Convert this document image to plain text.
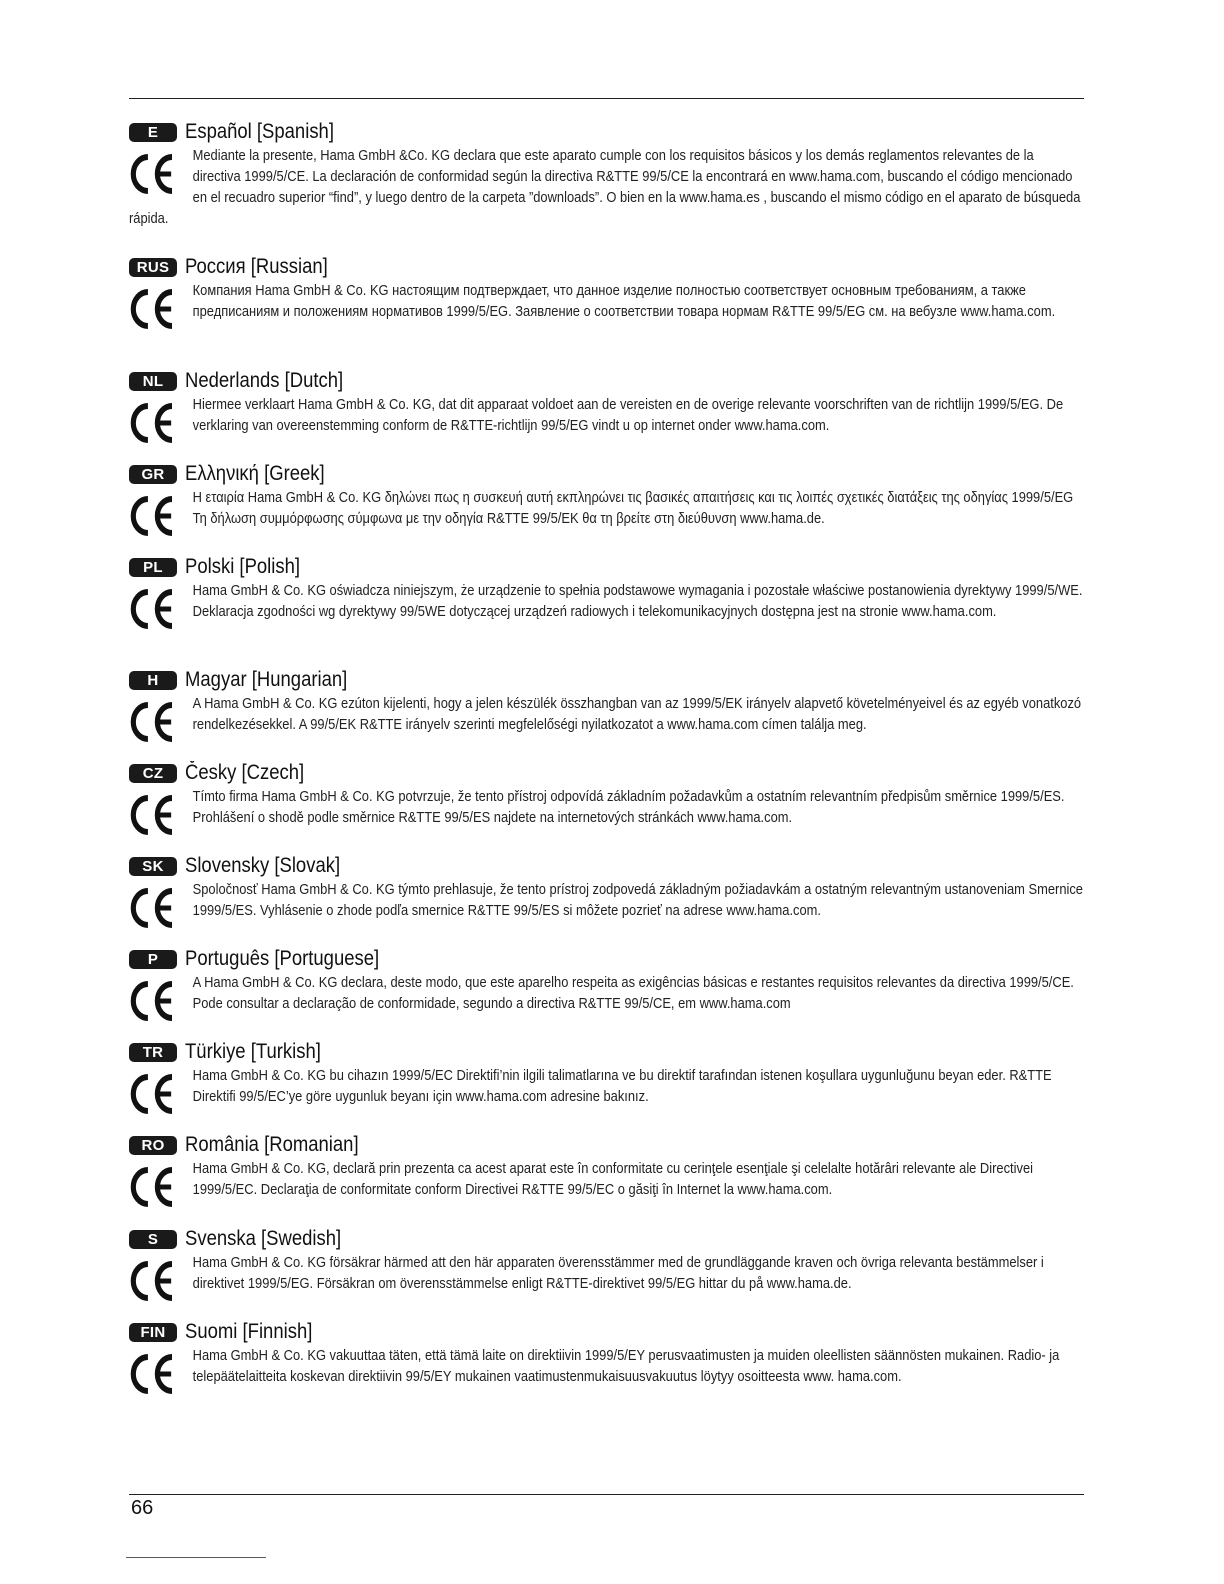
E	Español [Spanish]
Mediante la presente, Hama GmbH &Co. KG declara que este aparato cumple con los requisitos básicos y los demás reglamentos relevantes de la directiva 1999/5/CE. La declaración de conformidad según la directiva R&TTE 99/5/CE la encontrará en www.hama.com, buscando el código mencionado en el recuadro superior “find”, y luego dentro de la carpeta ”downloads”. O bien en la www.hama.es , buscando el mismo código en el aparato de búsqueda rápida.
RUS Россия [Russian]
Компания Hama GmbH & Co. KG настоящим подтверждает, что данное изделие полностью соответствует основным требованиям, а также предписаниям и положениям нормативов 1999/5/EG. Заявление о соответствии товара нормам R&TTE 99/5/EG см. на вебузле www.hama.com.
NL	Nederlands [Dutch]
Hiermee verklaart Hama GmbH & Co. KG, dat dit apparaat voldoet aan de vereisten en de overige relevante voorschriften van de richtlijn 1999/5/EG. De verklaring van overeenstemming conform de R&TTE-richtlijn 99/5/EG vindt u op internet onder www.hama.com.
GR Ελληνική [Greek]
Η εταιρία Hama GmbH & Co. KG δηλώνει πως η συσκευή αυτή εκπληρώνει τις βασικές απαιτήσεις και τις λοιπές σχετικές διατάξεις της οδηγίας 1999/5/EG Τη δήλωση συμμόρφωσης σύμφωνα με την οδηγία R&TTE 99/5/EK θα τη βρείτε στη διεύθυνση www.hama.de.
PL	Polski [Polish]
Hama GmbH & Co. KG oświadcza niniejszym, że urządzenie to spełnia podstawowe wymagania i pozostałe właściwe postanowienia dyrektywy 1999/5/WE. Deklaracja zgodności wg dyrektywy 99/5WE dotyczącej urządzeń radiowych i telekomunikacyjnych dostępna jest na stronie www.hama.com.
H	Magyar [Hungarian]
A Hama GmbH & Co. KG ezúton kijelenti, hogy a jelen készülék összhangban van az 1999/5/EK irányelv alapvető követelményeivel és az egyéb vonatkozó rendelkezésekkel. A 99/5/EK R&TTE irányelv szerinti megfelelőségi nyilatkozatot a www.hama.com címen találja meg.
CZ	Česky [Czech]
Tímto firma Hama GmbH & Co. KG potvrzuje, že tento přístroj odpovídá základním požadavkům a ostatním relevantním předpisům směrnice 1999/5/ES. Prohlášení o shodě podle směrnice R&TTE 99/5/ES najdete na internetových stránkách www.hama.com.
SK	Slovensky [Slovak]
Spoločnosť Hama GmbH & Co. KG týmto prehlasuje, že tento prístroj zodpovedá základným požiadavkám a ostatným relevantným ustanoveniam Smernice 1999/5/ES. Vyhlásenie o zhode podľa smernice R&TTE 99/5/ES si môžete pozrieť na adrese www.hama.com.
P	Português [Portuguese]
A Hama GmbH & Co. KG declara, deste modo, que este aparelho respeita as exigências básicas e restantes requisitos relevantes da directiva 1999/5/CE. Pode consultar a declaração de conformidade, segundo a directiva R&TTE 99/5/CE, em www.hama.com
TR	Türkiye [Turkish]
Hama GmbH & Co. KG bu cihazın 1999/5/EC Direktifi’nin ilgili talimatlarına ve bu direktif tarafından istenen koşullara uygunluğunu beyan eder. R&TTE Direktifi 99/5/EC’ye göre uygunluk beyanı için www.hama.com adresine bakınız.
RO România [Romanian]
Hama GmbH & Co. KG, declară prin prezenta ca acest aparat este în conformitate cu cerinţele esenţiale şi celelalte hotărâri relevante ale Directivei 1999/5/EC. Declaraţia de conformitate conform Directivei R&TTE 99/5/EC o găsiţi în Internet la www.hama.com.
S	Svenska [Swedish]
Hama GmbH & Co. KG försäkrar härmed att den här apparaten överensstämmer med de grundläggande kraven och övriga relevanta bestämmelser i direktivet 1999/5/EG. Försäkran om överensstämmelse enligt R&TTE-direktivet 99/5/EG hittar du på www.hama.de.
FIN Suomi [Finnish]
Hama GmbH & Co. KG vakuuttaa täten, että tämä laite on direktiivin 1999/5/EY perusvaatimusten ja muiden oleellisten säännösten mukainen. Radio- ja telepäätelaitteita koskevan direktiivin 99/5/EY mukainen vaatimustenmukaisuusvakuutus löytyy osoitteesta www. hama.com.
66
